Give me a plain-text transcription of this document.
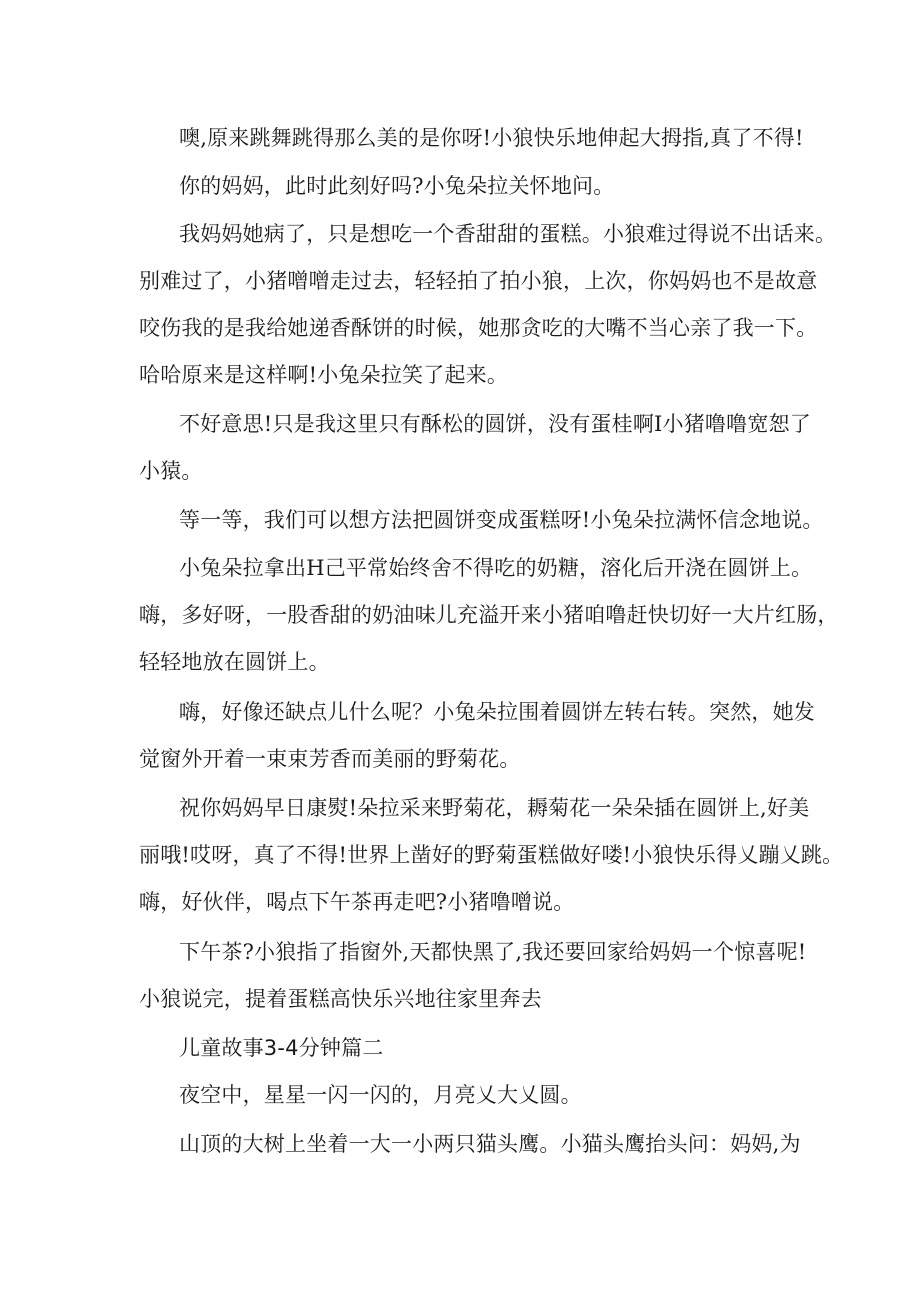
噢,原来跳舞跳得那么美的是你呀!小狼快乐地伸起大拇指,真了不得!
你的妈妈，此时此刻好吗?小兔朵拉关怀地问。
我妈妈她病了，只是想吃一个香甜甜的蛋糕。小狼难过得说不出话来。
别难过了，小猪噌噌走过去，轻轻拍了拍小狼，上次，你妈妈也不是故意
咬伤我的是我给她递香酥饼的时候，她那贪吃的大嘴不当心亲了我一下。
哈哈原来是这样啊!小兔朵拉笑了起来。
不好意思!只是我这里只有酥松的圆饼，没有蛋桂啊I小猪噜噜宽恕了
小猿。
等一等，我们可以想方法把圆饼变成蛋糕呀!小兔朵拉满怀信念地说。
小兔朵拉拿出H己平常始终舍不得吃的奶糖，溶化后开浇在圆饼上。
嗨，多好呀，一股香甜的奶油味儿充溢开来小猪咱噜赶快切好一大片红肠，
轻轻地放在圆饼上。
嗨，好像还缺点儿什么呢？小兔朵拉围着圆饼左转右转。突然，她发
觉窗外开着一束束芳香而美丽的野菊花。
祝你妈妈早日康熨!朵拉采来野菊花，耨菊花一朵朵插在圆饼上,好美
丽哦!哎呀，真了不得!世界上凿好的野菊蛋糕做好喽!小狼快乐得乂蹦乂跳。
嗨，好伙伴，喝点下午茶再走吧?小猪噜噌说。
下午茶?小狼指了指窗外,天都快黑了,我还要回家给妈妈一个惊喜呢!
小狼说完，提着蛋糕高快乐兴地往家里奔去
儿童故事3-4分钟篇二
夜空中，星星一闪一闪的，月亮乂大乂圆。
山顶的大树上坐着一大一小两只猫头鹰。小猫头鹰抬头问：妈妈,为
